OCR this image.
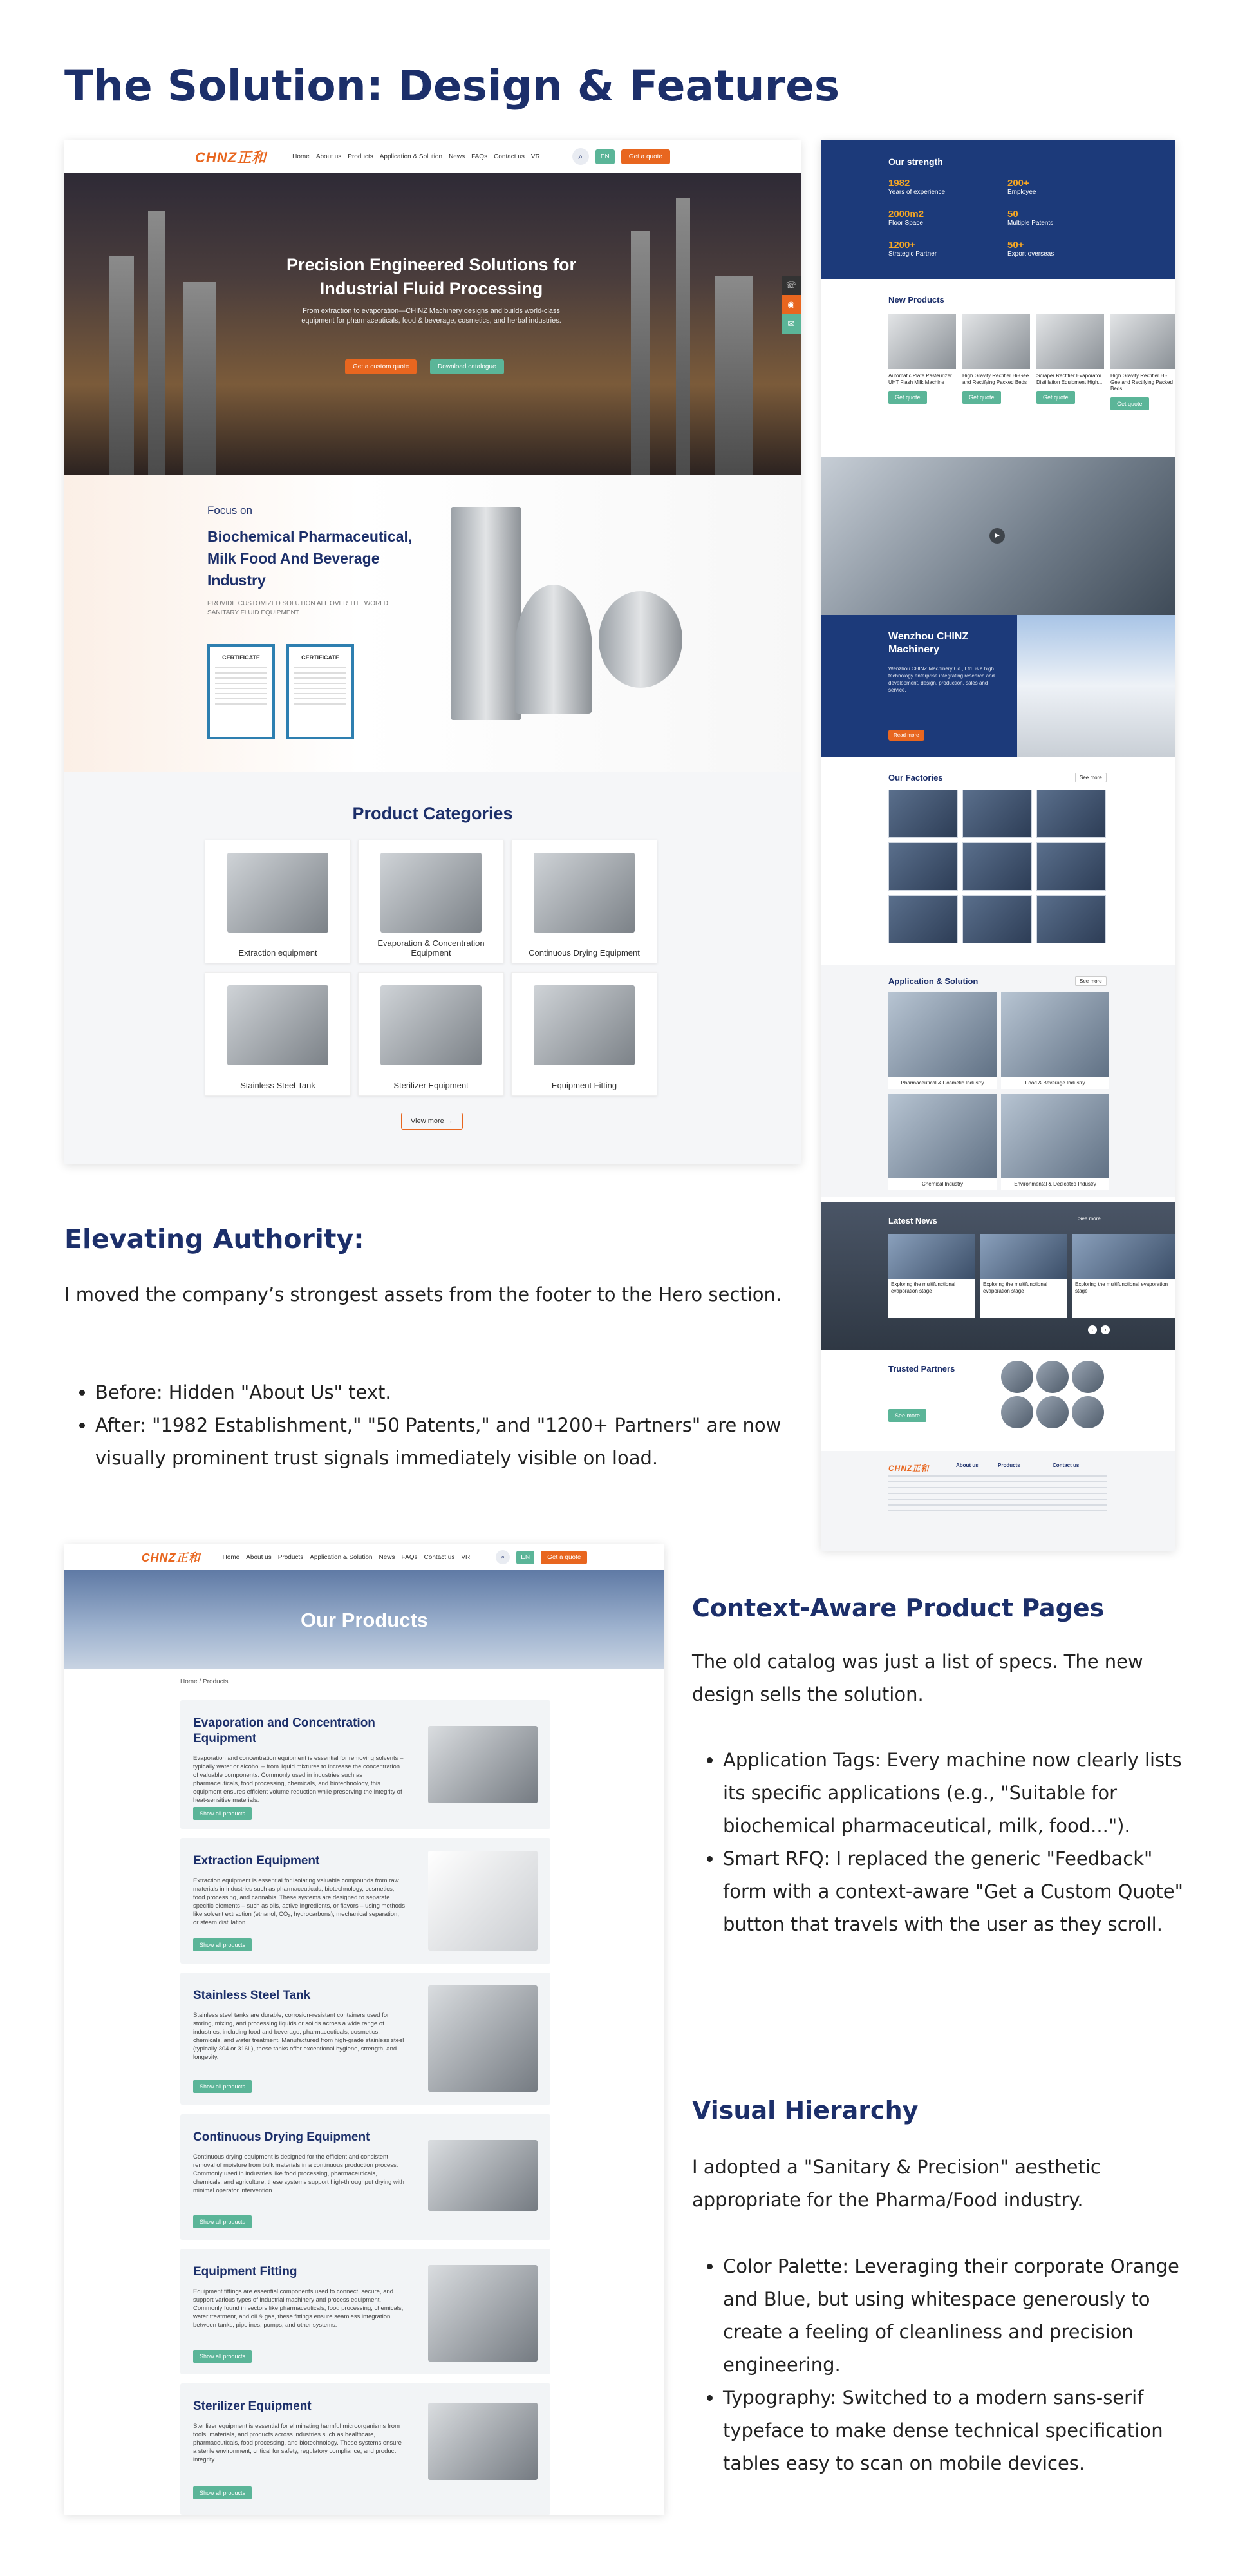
The Solution: Design & Features
CHNZ正和	Home About us Products Application & Solution News FAQs Contact us VR	⌕	EN	Get a quote
Precision Engineered Solutions for Industrial Fluid Processing
From extraction to evaporation—CHINZ Machinery designs and builds world-class equipment for pharmaceuticals, food & beverage, cosmetics, and herbal industries.
Get a custom quote	Download catalogue
☏
◉
✉
Focus on
Biochemical Pharmaceutical, Milk Food And Beverage Industry
PROVIDE CUSTOMIZED SOLUTION ALL OVER THE WORLD SANITARY FLUID EQUIPMENT
CERTIFICATE	CERTIFICATE
Product Categories
Extraction equipment
Evaporation & Concentration Equipment	Continuous Drying Equipment
Stainless Steel Tank	Sterilizer Equipment	Equipment Fitting
View more →
Our strength
1982
Years of experience
200+
Employee
2000m2
Floor Space
50
Multiple Patents
1200+
Strategic Partner
50+
Export overseas
New Products
Automatic Plate Pasteurizer UHT Flash Milk Machine
Get quote
High Gravity Rectifier Hi-Gee and Rectifying Packed Beds
Get quote
Scraper Rectifier Evaporator Distillation Equipment High...
Get quote
High Gravity Rectifier Hi-Gee and Rectifying Packed Beds
Get quote
▶
Wenzhou CHINZ Machinery
Wenzhou CHINZ Machinery Co., Ltd. is a high technology enterprise integrating research and development, design, production, sales and service.
Read more
Our Factories	See more
Application & Solution	See more
Pharmaceutical & Cosmetic Industry	Food & Beverage Industry
Chemical Industry	Environmental & Dedicated Industry
Latest News	See more
Exploring the multifunctional evaporation stage
Exploring the multifunctional evaporation stage
Exploring the multifunctional evaporation stage
‹	›
Trusted Partners
See more
CHNZ正和	About us	Products	Contact us
Elevating Authority:
I moved the company’s strongest assets from the footer to the Hero section.
• Before: Hidden "About Us" text.
• After: "1982 Establishment," "50 Patents," and "1200+ Partners" are now visually prominent trust signals immediately visible on load.
CHNZ正和	Home About us Products Application & Solution News FAQs Contact us VR	⌕	EN	Get a quote
Our Products
Home / Products
Evaporation and Concentration Equipment
Evaporation and concentration equipment is essential for removing solvents – typically water or alcohol – from liquid mixtures to increase the concentration of valuable components. Commonly used in industries such as pharmaceuticals, food processing, chemicals, and biotechnology, this equipment ensures efficient volume reduction while preserving the integrity of heat-sensitive materials.
Show all products
Extraction Equipment
Extraction equipment is essential for isolating valuable compounds from raw materials in industries such as pharmaceuticals, biotechnology, cosmetics, food processing, and cannabis. These systems are designed to separate specific elements – such as oils, active ingredients, or flavors – using methods like solvent extraction (ethanol, CO₂, hydrocarbons), mechanical separation, or steam distillation.
Show all products
Stainless Steel Tank
Stainless steel tanks are durable, corrosion-resistant containers used for storing, mixing, and processing liquids or solids across a wide range of industries, including food and beverage, pharmaceuticals, cosmetics, chemicals, and water treatment. Manufactured from high-grade stainless steel (typically 304 or 316L), these tanks offer exceptional hygiene, strength, and longevity.
Show all products
Continuous Drying Equipment
Continuous drying equipment is designed for the efficient and consistent removal of moisture from bulk materials in a continuous production process. Commonly used in industries like food processing, pharmaceuticals, chemicals, and agriculture, these systems support high-throughput drying with minimal operator intervention.
Show all products
Equipment Fitting
Equipment fittings are essential components used to connect, secure, and support various types of industrial machinery and process equipment. Commonly found in sectors like pharmaceuticals, food processing, chemicals, water treatment, and oil & gas, these fittings ensure seamless integration between tanks, pipelines, pumps, and other systems.
Show all products
Sterilizer Equipment
Sterilizer equipment is essential for eliminating harmful microorganisms from tools, materials, and products across industries such as healthcare, pharmaceuticals, food processing, and biotechnology. These systems ensure a sterile environment, critical for safety, regulatory compliance, and product integrity.
Show all products
Context-Aware Product Pages
The old catalog was just a list of specs. The new design sells the solution.
• Application Tags: Every machine now clearly lists its specific applications (e.g., "Suitable for biochemical pharmaceutical, milk, food...").
• Smart RFQ: I replaced the generic "Feedback" form with a context-aware "Get a Custom Quote" button that travels with the user as they scroll.
Visual Hierarchy
I adopted a "Sanitary & Precision" aesthetic appropriate for the Pharma/Food industry.
• Color Palette: Leveraging their corporate Orange and Blue, but using whitespace generously to create a feeling of cleanliness and precision engineering.
• Typography: Switched to a modern sans-serif typeface to make dense technical specification tables easy to scan on mobile devices.
